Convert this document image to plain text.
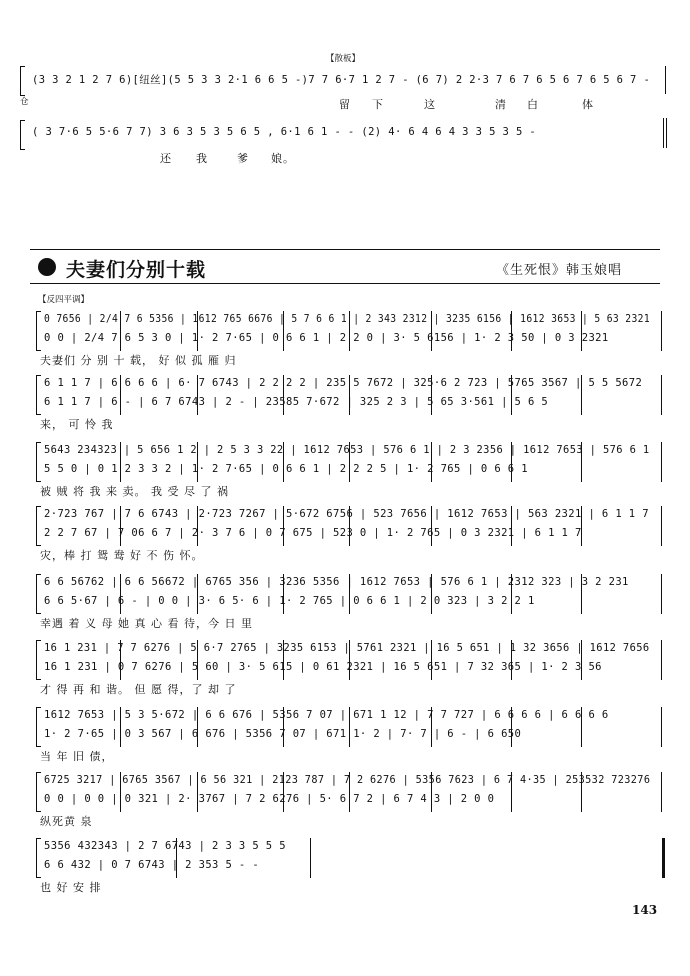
【散板】
仓
(3 3 2 1 2 7 6)[纽丝](5 5 3 3 2·1 6 6 5 -)7 7 6·7 1 2 7 - (6 7) 2 2·3 7 6 7 6 5 6 7 6 5 6 7 -
留 下	这	清 白	体
( 3 7·6 5 5·6 7 7) 3 6 3 5 3 5 6 5 , 6·1 6 1 - - (2) 4· 6 4 6 4 3 3 5 3 5 -
还 我	爹 娘。
夫妻们分别十载	《生死恨》韩玉娘唱
【反四平调】
0 7656 | 2/4 7 6 5356 | 1612 765 6676 | 5 7 6 6 1 | 2 343 2312 | 3235 6156 | 1612 3653 | 5 63 2321
0 0 | 2/4 7 6 5 3 0 | 1· 2 7·65 | 0 6 6 1 | 2 2 0 | 3· 5 6156 | 1· 2 3 50 | 0 3 2321
夫妻们 分 别 十 载， 好 似 孤 雁 归
6 1 1 7 | 6 6 6 6 | 6· 7 6743 | 2 2 2 2 | 235 5 7672 | 325·6 2 723 | 5765 3567 | 5 5 5672
6 1 1 7 | 6 - | 6 7 6743 | 2 - | 23585 7·672 | 325 2 3 | 5 65 3·561 | 5 6 5
来， 可 怜 我
5643 234323 | 5 656 1 2 | 2 5 3 3 22 | 1612 7653 | 576 6 1 | 2 3 2356 | 1612 7653 | 576 6 1
5 5 0 | 0 1 2 3 3 2 | 1· 2 7·65 | 0 6 6 1 | 2 2 2 5 | 1· 2 765 | 0 6 6 1
被 贼 将 我 来 卖。 我 受 尽 了 祸
2·723 767 | 7 6 6743 | 2·723 7267 | 5·672 6756 | 523 7656 | 1612 7653 | 563 2321 | 6 1 1 7
2 2 7 67 | 7 06 6 7 | 2· 3 7 6 | 0 7 675 | 523 0 | 1· 2 765 | 0 3 2321 | 6 1 1 7
灾，棒 打 鸳 鸯 好 不 伤 怀。
6 6 56762 | 6 6 56672 | 6765 356 | 3236 5356 | 1612 7653 | 576 6 1 | 2312 323 | 3 2 231
6 6 5·67 | 6 - | 0 0 | 3· 6 5· 6 | 1· 2 765 | 0 6 6 1 | 2 0 323 | 3 2 2 1
幸遇 着 义 母 她 真 心 看 待，今 日 里
16 1 231 | 7 7 6276 | 5 6·7 2765 | 3235 6153 | 5761 2321 | 16 5 651 | 1 32 3656 | 1612 7656
16 1 231 | 0 7 6276 | 5 60 | 3· 5 615 | 0 61 2321 | 16 5 651 | 7 32 365 | 1· 2 3 56
才 得 再 和 谐。 但 愿 得，了 却 了
1612 7653 | 5 3 5·672 | 6 6 676 | 5356 7 07 | 671 1 12 | 7 7 727 | 6 6 6 6 | 6 6 6 6
1· 2 7·65 | 0 3 567 | 6 676 | 5356 7 07 | 671 1· 2 | 7· 7 | 6 - | 6 650
当 年 旧 债，
6725 3217 | 6765 3567 | 6 56 321 | 2123 787 | 7 2 6276 | 5356 7623 | 6 7 4·35 | 253532 723276
0 0 | 0 0 | 0 321 | 2· 3767 | 7 2 6276 | 5· 6 7 2 | 6 7 4 3 | 2 0 0
纵死黄 泉
5356 432343 | 2 7 6743 | 2 3 3 5 5 5
6 6 432 | 0 7 6743 | 2 353 5 - -
也 好 安 排
143
